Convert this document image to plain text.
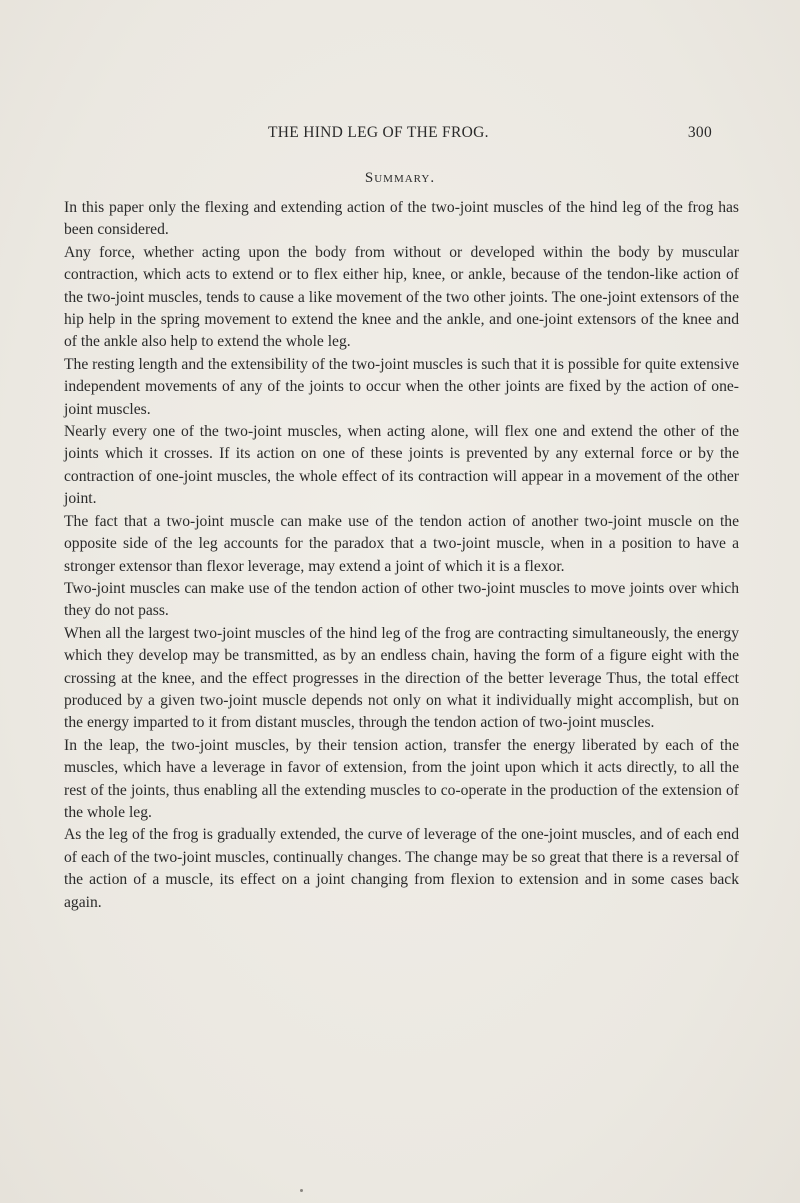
THE HIND LEG OF THE FROG.	300
Summary.

In this paper only the flexing and extending action of the two-joint muscles of the hind leg of the frog has been considered.

Any force, whether acting upon the body from without or developed within the body by muscular contraction, which acts to extend or to flex either hip, knee, or ankle, because of the tendon-like action of the two-joint muscles, tends to cause a like movement of the two other joints. The one-joint extensors of the hip help in the spring movement to extend the knee and the ankle, and one-joint extensors of the knee and of the ankle also help to extend the whole leg.

The resting length and the extensibility of the two-joint muscles is such that it is possible for quite extensive independent movements of any of the joints to occur when the other joints are fixed by the action of one-joint muscles.

Nearly every one of the two-joint muscles, when acting alone, will flex one and extend the other of the joints which it crosses. If its action on one of these joints is prevented by any external force or by the contraction of one-joint muscles, the whole effect of its contraction will appear in a movement of the other joint.

The fact that a two-joint muscle can make use of the tendon action of another two-joint muscle on the opposite side of the leg accounts for the paradox that a two-joint muscle, when in a position to have a stronger extensor than flexor leverage, may extend a joint of which it is a flexor.

Two-joint muscles can make use of the tendon action of other two-joint muscles to move joints over which they do not pass.

When all the largest two-joint muscles of the hind leg of the frog are contracting simultaneously, the energy which they develop may be transmitted, as by an endless chain, having the form of a figure eight with the crossing at the knee, and the effect progresses in the direction of the better leverage Thus, the total effect produced by a given two-joint muscle depends not only on what it individually might accomplish, but on the energy imparted to it from distant muscles, through the tendon action of two-joint muscles.

In the leap, the two-joint muscles, by their tension action, transfer the energy liberated by each of the muscles, which have a leverage in favor of extension, from the joint upon which it acts directly, to all the rest of the joints, thus enabling all the extending muscles to co-operate in the production of the extension of the whole leg.

As the leg of the frog is gradually extended, the curve of leverage of the one-joint muscles, and of each end of each of the two-joint muscles, continually changes. The change may be so great that there is a reversal of the action of a muscle, its effect on a joint changing from flexion to extension and in some cases back again.
